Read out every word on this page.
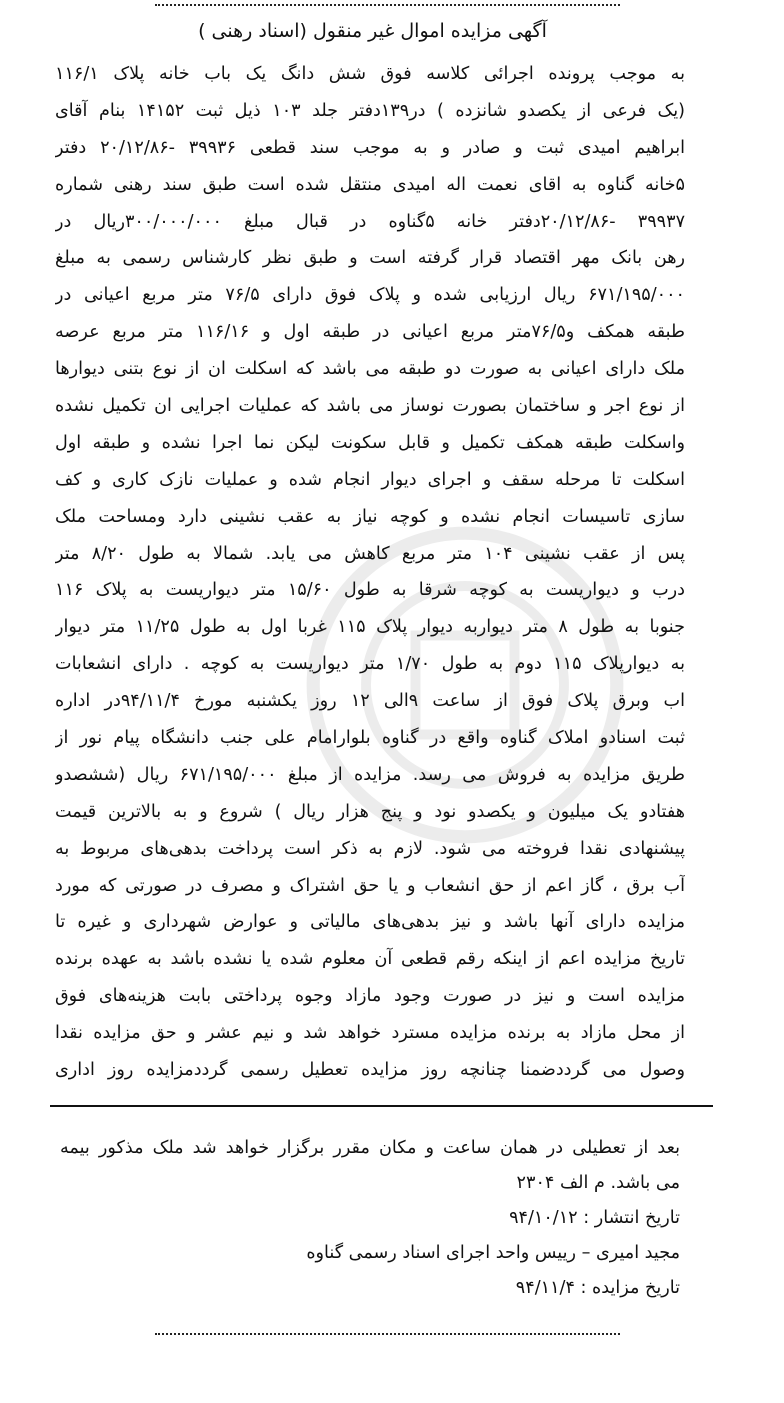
آگهی مزایده اموال غیر منقول (اسناد رهنی )
به موجب پرونده اجرائی کلاسه فوق شش دانگ یک باب خانه پلاک ۱۱۶/۱
(یک فرعی از یکصدو شانزده ) در۱۳۹دفتر جلد ۱۰۳ ذیل ثبت ۱۴۱۵۲ بنام آقای
ابراهیم امیدی ثبت و صادر و به موجب سند قطعی ۳۹۹۳۶ -۲۰/۱۲/۸۶ دفتر
۵خانه گناوه به اقای نعمت اله امیدی منتقل شده است طبق سند رهنی شماره
۳۹۹۳۷ -۲۰/۱۲/۸۶دفتر خانه ۵گناوه در قبال مبلغ ۳۰۰/۰۰۰/۰۰۰ریال در
رهن بانک مهر اقتصاد قرار گرفته است و طبق نظر کارشناس رسمی به مبلغ
۶۷۱/۱۹۵/۰۰۰ ریال ارزیابی شده و پلاک فوق دارای ۷۶/۵ متر مربع اعیانی در
طبقه همکف و۷۶/۵متر مربع اعیانی در طبقه اول و ۱۱۶/۱۶ متر مربع عرصه
ملک دارای اعیانی به صورت دو طبقه می باشد که اسکلت ان از نوع بتنی دیوارها
از نوع اجر و ساختمان بصورت نوساز می باشد که عملیات اجرایی ان تکمیل نشده
واسکلت طبقه همکف تکمیل و قابل سکونت لیکن نما اجرا نشده و طبقه اول
اسکلت تا مرحله سقف و اجرای دیوار انجام شده و عملیات نازک کاری و کف
سازی تاسیسات انجام نشده و کوچه نیاز به عقب نشینی دارد ومساحت ملک
پس از عقب نشینی ۱۰۴ متر مربع کاهش می یابد. شمالا به طول ۸/۲۰ متر
درب و دیواریست به کوچه شرقا به طول ۱۵/۶۰ متر دیواریست به پلاک ۱۱۶
جنوبا به طول ۸ متر دیواربه دیوار پلاک ۱۱۵ غربا اول به طول ۱۱/۲۵ متر دیوار
به دیوارپلاک ۱۱۵ دوم به طول ۱/۷۰ متر دیواریست به کوچه . دارای انشعابات
اب وبرق پلاک فوق از ساعت ۹الی ۱۲ روز یکشنبه مورخ ۹۴/۱۱/۴در اداره
ثبت اسنادو املاک گناوه واقع در گناوه بلوارامام علی جنب دانشگاه پیام نور از
طریق مزایده به فروش می رسد. مزایده از مبلغ ۶۷۱/۱۹۵/۰۰۰ ریال (ششصدو
هفتادو یک میلیون و یکصدو نود و پنج هزار ریال ) شروع و به بالاترین قیمت
پیشنهادی نقدا فروخته می شود. لازم به ذکر است پرداخت بدهی‌های مربوط به
آب برق ، گاز اعم از حق انشعاب و یا حق اشتراک و مصرف در صورتی که مورد
مزایده دارای آنها باشد و نیز بدهی‌های مالیاتی و عوارض شهرداری و غیره تا
تاریخ مزایده اعم از اینکه رقم قطعی آن معلوم شده یا نشده باشد به عهده برنده
مزایده است و نیز در صورت وجود مازاد وجوه پرداختی بابت هزینه‌های فوق
از محل مازاد به برنده مزایده مسترد خواهد شد و نیم عشر و حق مزایده نقدا
وصول می گرددضمنا چنانچه روز مزایده تعطیل رسمی گرددمزایده روز اداری
بعد از تعطیلی در همان ساعت و مکان مقرر برگزار خواهد شد ملک مذکور بیمه
می باشد. م الف ۲۳۰۴
تاریخ انتشار : ۹۴/۱۰/۱۲
مجید امیری – رییس واحد اجرای اسناد رسمی گناوه
تاریخ مزایده : ۹۴/۱۱/۴
